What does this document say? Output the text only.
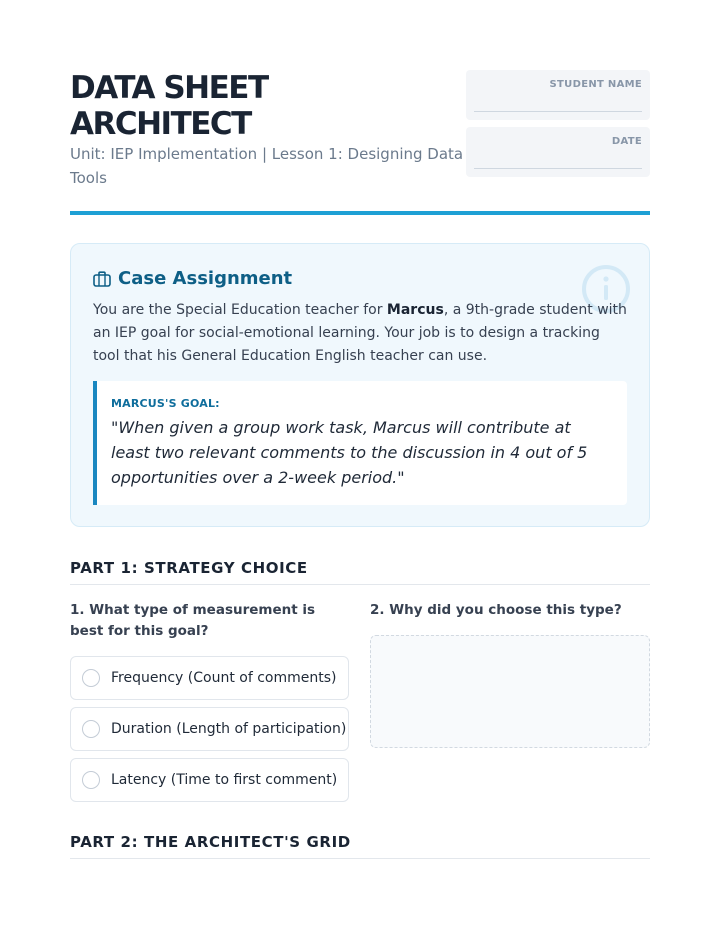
DATA SHEET ARCHITECT
Unit: IEP Implementation | Lesson 1: Designing Data Tools
STUDENT NAME
DATE
Case Assignment

You are the Special Education teacher for Marcus, a 9th-grade student with an IEP goal for social-emotional learning. Your job is to design a tracking tool that his General Education English teacher can use.

MARCUS'S GOAL:
"When given a group work task, Marcus will contribute at least two relevant comments to the discussion in 4 out of 5 opportunities over a 2-week period."
PART 1: STRATEGY CHOICE
1. What type of measurement is best for this goal?
2. Why did you choose this type?
Frequency (Count of comments)
Duration (Length of participation)
Latency (Time to first comment)
PART 2: THE ARCHITECT'S GRID
